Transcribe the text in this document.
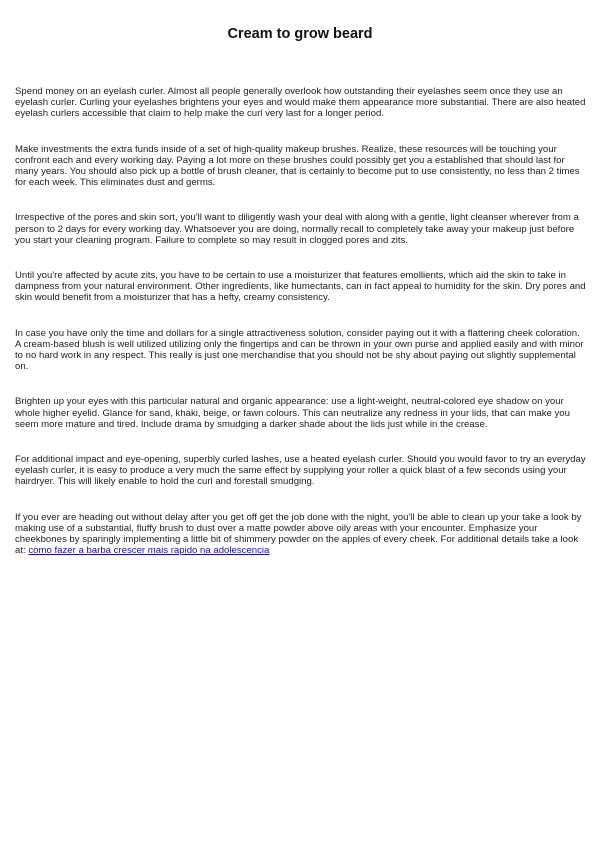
Cream to grow beard

Spend money on an eyelash curler. Almost all people generally overlook how outstanding their eyelashes seem once they use an eyelash curler. Curling your eyelashes brightens your eyes and would make them appearance more substantial. There are also heated eyelash curlers accessible that claim to help make the curl very last for a longer period.

Make investments the extra funds inside of a set of high-quality makeup brushes. Realize, these resources will be touching your confront each and every working day. Paying a lot more on these brushes could possibly get you a established that should last for many years. You should also pick up a bottle of brush cleaner, that is certainly to become put to use consistently, no less than 2 times for each week. This eliminates dust and germs.

Irrespective of the pores and skin sort, you'll want to diligently wash your deal with along with a gentle, light cleanser wherever from a person to 2 days for every working day. Whatsoever you are doing, normally recall to completely take away your makeup just before you start your cleaning program. Failure to complete so may result in clogged pores and zits.

Until you're affected by acute zits, you have to be certain to use a moisturizer that features emollients, which aid the skin to take in dampness from your natural environment. Other ingredients, like humectants, can in fact appeal to humidity for the skin. Dry pores and skin would benefit from a moisturizer that has a hefty, creamy consistency.

In case you have only the time and dollars for a single attractiveness solution, consider paying out it with a flattering cheek coloration. A cream-based blush is well utilized utilizing only the fingertips and can be thrown in your own purse and applied easily and with minor to no hard work in any respect. This really is just one merchandise that you should not be shy about paying out slightly supplemental on.

Brighten up your eyes with this particular natural and organic appearance: use a light-weight, neutral-colored eye shadow on your whole higher eyelid. Glance for sand, khaki, beige, or fawn colours. This can neutralize any redness in your lids, that can make you seem more mature and tired. Include drama by smudging a darker shade about the lids just while in the crease.

For additional impact and eye-opening, superbly curled lashes, use a heated eyelash curler. Should you would favor to try an everyday eyelash curler, it is easy to produce a very much the same effect by supplying your roller a quick blast of a few seconds using your hairdryer. This will likely enable to hold the curl and forestall smudging.

If you ever are heading out without delay after you get off get the job done with the night, you'll be able to clean up your take a look by making use of a substantial, fluffy brush to dust over a matte powder above oily areas with your encounter. Emphasize your cheekbones by sparingly implementing a little bit of shimmery powder on the apples of every cheek. For additional details take a look at: como fazer a barba crescer mais rapido na adolescencia
